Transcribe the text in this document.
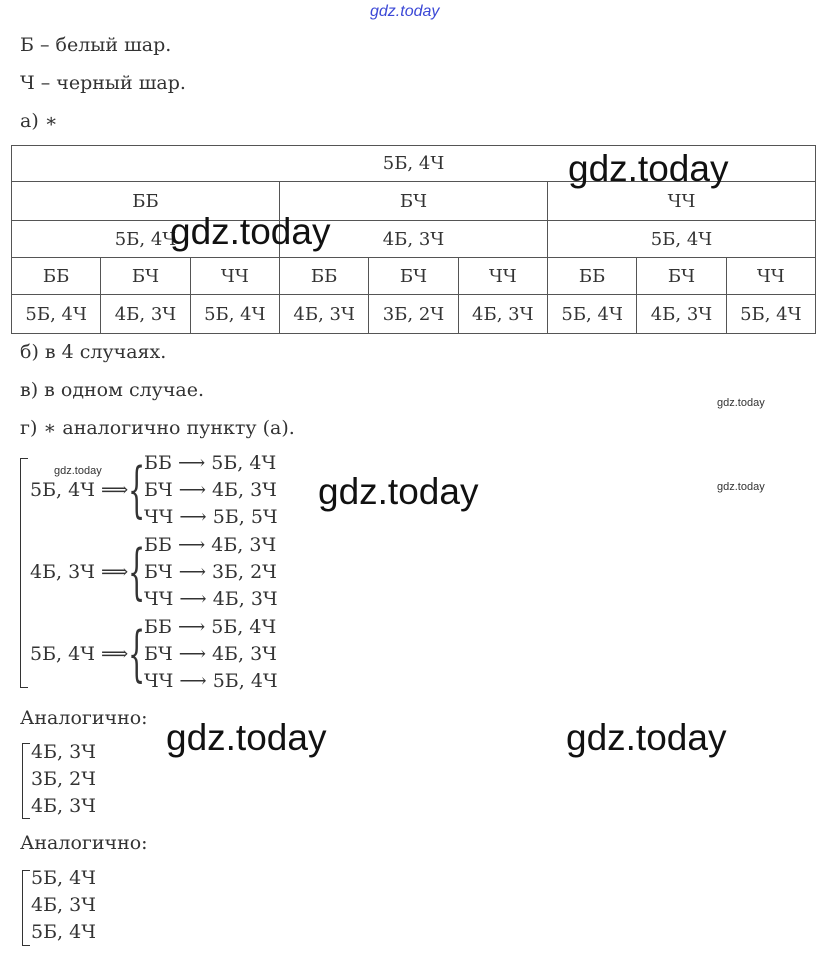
gdz.today
Б – белый шар.
Ч – черный шар.
а) ∗
5Б, 4Ч								
ББ			БЧ			ЧЧ		
5Б, 4Ч			4Б, 3Ч			5Б, 4Ч		
ББ	БЧ	ЧЧ	ББ	БЧ	ЧЧ	ББ	БЧ	ЧЧ
5Б, 4Ч	4Б, 3Ч	5Б, 4Ч	4Б, 3Ч	3Б, 2Ч	4Б, 3Ч	5Б, 4Ч	4Б, 3Ч	5Б, 4Ч
gdz.today
gdz.today
б) в 4 случаях.
в) в одном случае.
г) ∗ аналогично пункту (а).
gdz.today
gdz.today
gdz.today
5Б, 4Ч ⟹ {
ББ ⟶ 5Б, 4Ч
БЧ ⟶ 4Б, 3Ч
ЧЧ ⟶ 5Б, 5Ч
4Б, 3Ч ⟹ {
ББ ⟶ 4Б, 3Ч
БЧ ⟶ 3Б, 2Ч
ЧЧ ⟶ 4Б, 3Ч
5Б, 4Ч ⟹ {
ББ ⟶ 5Б, 4Ч
БЧ ⟶ 4Б, 3Ч
ЧЧ ⟶ 5Б, 4Ч
gdz.today
Аналогично: gdz.today	gdz.today
4Б, 3Ч
3Б, 2Ч
4Б, 3Ч
Аналогично:
5Б, 4Ч
4Б, 3Ч
5Б, 4Ч
